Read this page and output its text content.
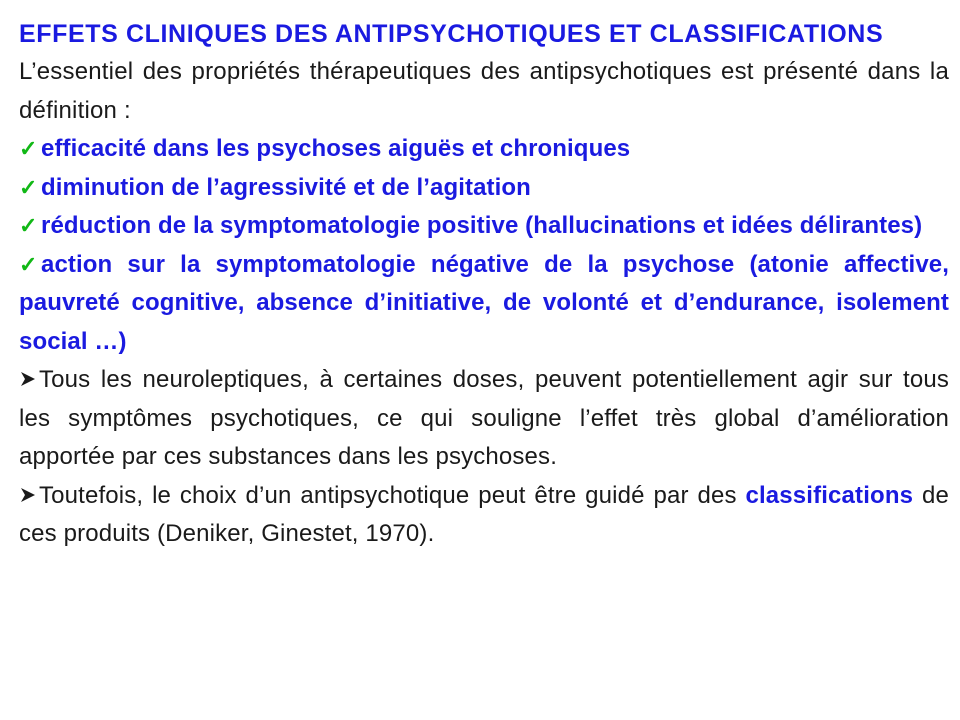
EFFETS CLINIQUES DES ANTIPSYCHOTIQUES ET CLASSIFICATIONS

L’essentiel des propriétés thérapeutiques des antipsychotiques est présenté dans la définition :

✓ efficacité dans les psychoses aiguës et chroniques
✓ diminution de l’agressivité et de l’agitation
✓ réduction de la symptomatologie positive (hallucinations et idées délirantes)
✓ action sur la symptomatologie négative de la psychose (atonie affective, pauvreté cognitive, absence d’initiative, de volonté et d’endurance, isolement social …)
Tous les neuroleptiques, à certaines doses, peuvent potentiellement agir sur tous les symptômes psychotiques, ce qui souligne l’effet très global d’amélioration apportée par ces substances dans les psychoses.
Toutefois, le choix d’un antipsychotique peut être guidé par des classifications de ces produits (Deniker, Ginestet, 1970).
